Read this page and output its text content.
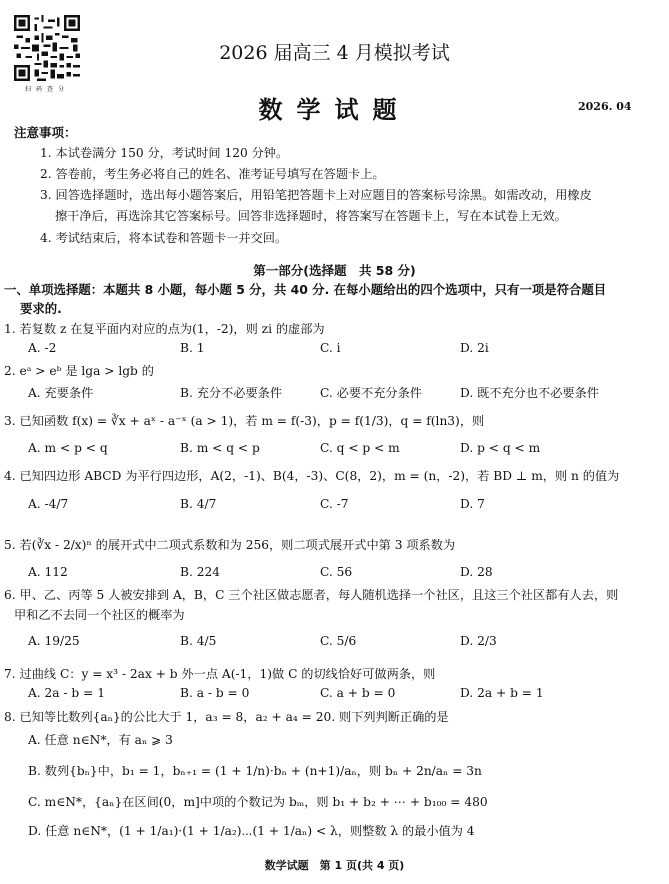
扫码查分
2026 届高三 4 月模拟考试
数学试题	2026. 04
注意事项：
1. 本试卷满分 150 分，考试时间 120 分钟。
2. 答卷前，考生务必将自己的姓名、准考证号填写在答题卡上。
3. 回答选择题时，选出每小题答案后，用铅笔把答题卡上对应题目的答案标号涂黑。如需改动，用橡皮
擦干净后，再选涂其它答案标号。回答非选择题时，将答案写在答题卡上，写在本试卷上无效。
4. 考试结束后，将本试卷和答题卡一并交回。
第一部分(选择题　共 58 分)
一、单项选择题：本题共 8 小题，每小题 5 分，共 40 分. 在每小题给出的四个选项中，只有一项是符合题目
要求的.
1. 若复数 z 在复平面内对应的点为(1，-2)，则 zi 的虚部为
A. -2	B. 1	C. i	D. 2i
2. eᵃ > eᵇ 是 lga > lgb 的
A. 充要条件	B. 充分不必要条件	C. 必要不充分条件	D. 既不充分也不必要条件
3. 已知函数 f(x) = ∛x + aˣ - a⁻ˣ (a > 1)，若 m = f(-3)，p = f(1/3)，q = f(ln3)，则
A. m < p < q	B. m < q < p	C. q < p < m	D. p < q < m
4. 已知四边形 ABCD 为平行四边形，A(2，-1)、B(4，-3)、C(8，2)，m = (n，-2)，若 BD ⊥ m，则 n 的值为
A. -4/7	B. 4/7	C. -7	D. 7
5. 若(∛x - 2/x)ⁿ 的展开式中二项式系数和为 256，则二项式展开式中第 3 项系数为
A. 112	B. 224	C. 56	D. 28
6. 甲、乙、丙等 5 人被安排到 A，B，C 三个社区做志愿者，每人随机选择一个社区，且这三个社区都有人去，则
甲和乙不去同一个社区的概率为
A. 19/25	B. 4/5	C. 5/6	D. 2/3
7. 过曲线 C：y = x³ - 2ax + b 外一点 A(-1，1)做 C 的切线恰好可做两条，则
A. 2a - b = 1	B. a - b = 0	C. a + b = 0	D. 2a + b = 1
8. 已知等比数列{aₙ}的公比大于 1，a₃ = 8，a₂ + a₄ = 20. 则下列判断正确的是
A. 任意 n∈N*，有 aₙ ⩾ 3
B. 数列{bₙ}中，b₁ = 1，bₙ₊₁ = (1 + 1/n)·bₙ + (n+1)/aₙ，则 bₙ + 2n/aₙ = 3n
C. m∈N*，{aₙ}在区间(0，m]中项的个数记为 bₘ，则 b₁ + b₂ + ⋯ + b₁₀₀ = 480
D. 任意 n∈N*，(1 + 1/a₁)·(1 + 1/a₂)⋯(1 + 1/aₙ) < λ，则整数 λ 的最小值为 4
数学试题　第 1 页(共 4 页)
